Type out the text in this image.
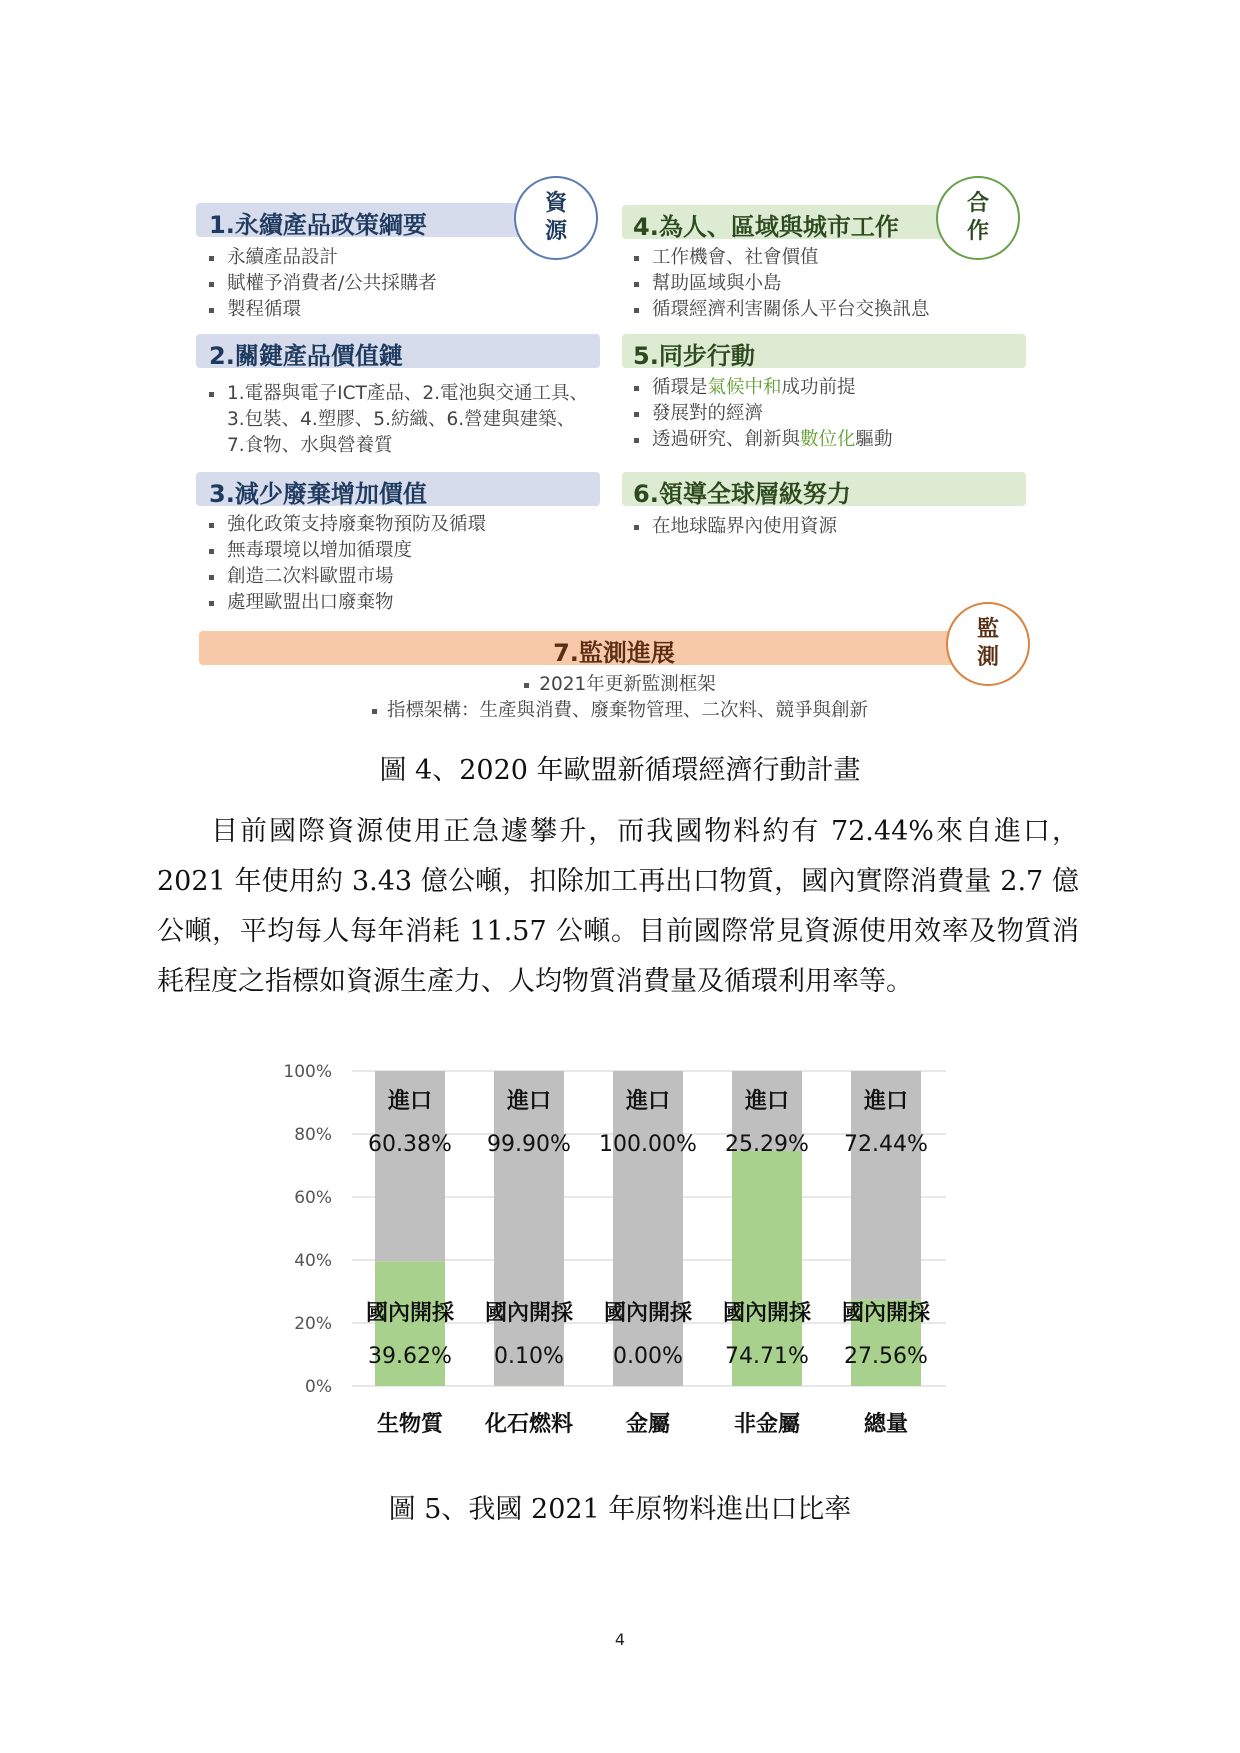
1.永續產品政策綱要
資源
永續產品設計
賦權予消費者/公共採購者
製程循環
2.關鍵產品價值鏈
1.電器與電子ICT產品、2.電池與交通工具、3.包裝、4.塑膠、5.紡織、6.營建與建築、7.食物、水與營養質
3.減少廢棄增加價值
強化政策支持廢棄物預防及循環
無毒環境以增加循環度
創造二次料歐盟市場
處理歐盟出口廢棄物
4.為人、區域與城市工作
合作
工作機會、社會價值
幫助區域與小島
循環經濟利害關係人平台交換訊息
5.同步行動
循環是氣候中和成功前提
發展對的經濟
透過研究、創新與數位化驅動
6.領導全球層級努力
在地球臨界內使用資源
7.監測進展
監測
2021年更新監測框架
指標架構：生產與消費、廢棄物管理、二次料、競爭與創新
圖 4、2020 年歐盟新循環經濟行動計畫

目前國際資源使用正急遽攀升，而我國物料約有 72.44%來自進口，2021 年使用約 3.43 億公噸，扣除加工再出口物質，國內實際消費量 2.7 億公噸，平均每人每年消耗 11.57 公噸。目前國際常見資源使用效率及物質消耗程度之指標如資源生產力、人均物質消費量及循環利用率等。

0%
20%
40%
60%
80%
100%
進口
60.38%
國內開採
39.62%
生物質
進口
99.90%
國內開採
0.10%
化石燃料
進口
100.00%
國內開採
0.00%
金屬
進口
25.29%
國內開採
74.71%
非金屬
進口
72.44%
國內開採
27.56%
總量
圖 5、我國 2021 年原物料進出口比率
4
